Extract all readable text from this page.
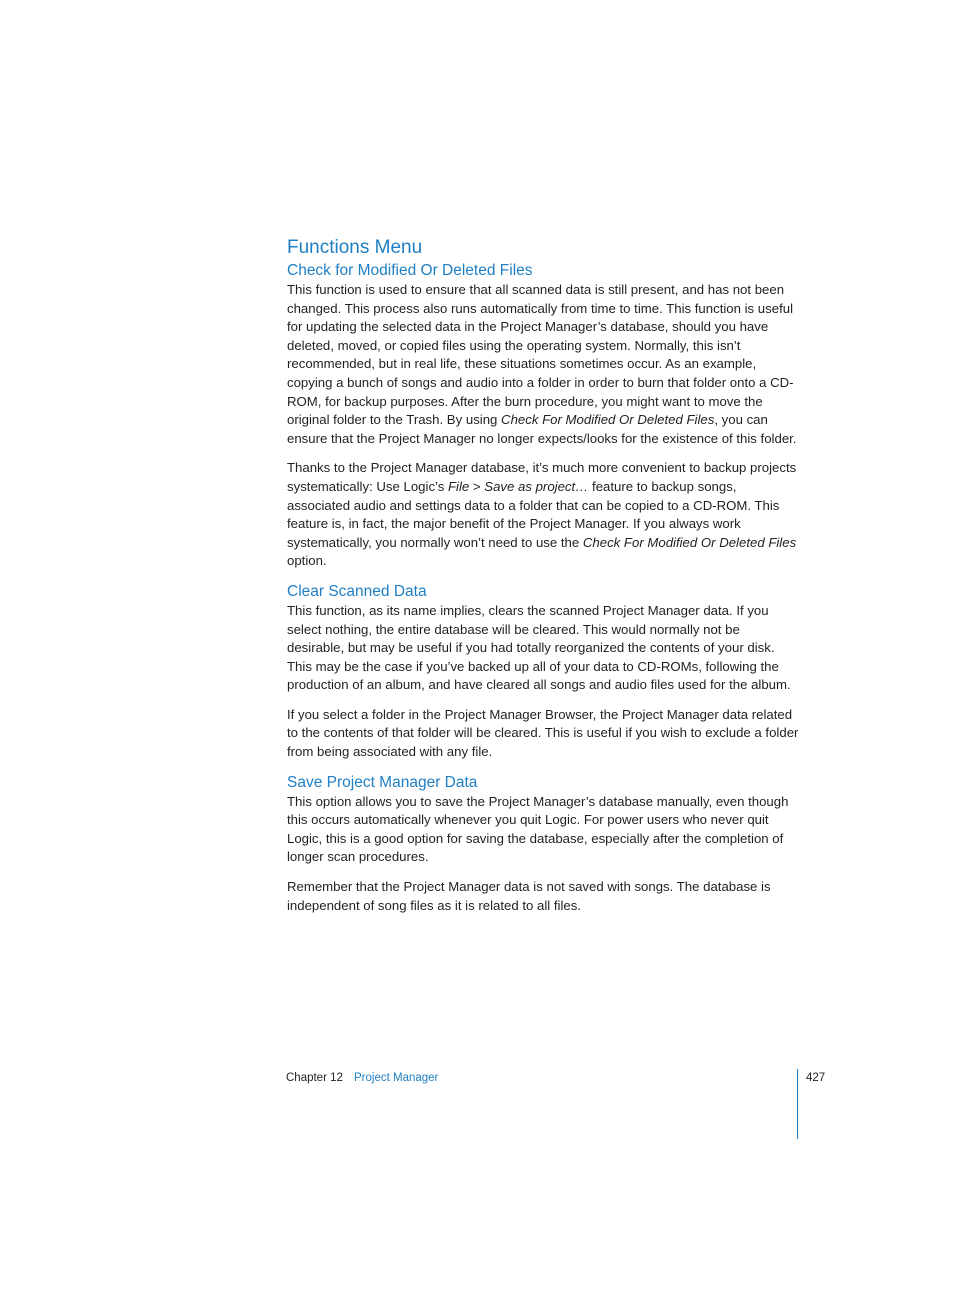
Functions Menu
Check for Modified Or Deleted Files

This function is used to ensure that all scanned data is still present, and has not been changed. This process also runs automatically from time to time. This function is useful for updating the selected data in the Project Manager’s database, should you have deleted, moved, or copied files using the operating system. Normally, this isn’t recommended, but in real life, these situations sometimes occur. As an example, copying a bunch of songs and audio into a folder in order to burn that folder onto a CD-ROM, for backup purposes. After the burn procedure, you might want to move the original folder to the Trash. By using Check For Modified Or Deleted Files, you can ensure that the Project Manager no longer expects/looks for the existence of this folder.

Thanks to the Project Manager database, it’s much more convenient to backup projects systematically: Use Logic’s File > Save as project… feature to backup songs, associated audio and settings data to a folder that can be copied to a CD-ROM. This feature is, in fact, the major benefit of the Project Manager. If you always work systematically, you normally won’t need to use the Check For Modified Or Deleted Files option.

Clear Scanned Data

This function, as its name implies, clears the scanned Project Manager data. If you select nothing, the entire database will be cleared. This would normally not be desirable, but may be useful if you had totally reorganized the contents of your disk. This may be the case if you’ve backed up all of your data to CD-ROMs, following the production of an album, and have cleared all songs and audio files used for the album.

If you select a folder in the Project Manager Browser, the Project Manager data related to the contents of that folder will be cleared. This is useful if you wish to exclude a folder from being associated with any file.

Save Project Manager Data

This option allows you to save the Project Manager’s database manually, even though this occurs automatically whenever you quit Logic. For power users who never quit Logic, this is a good option for saving the database, especially after the completion of longer scan procedures.

Remember that the Project Manager data is not saved with songs. The database is independent of song files as it is related to all files.

Chapter 12 Project Manager	427
